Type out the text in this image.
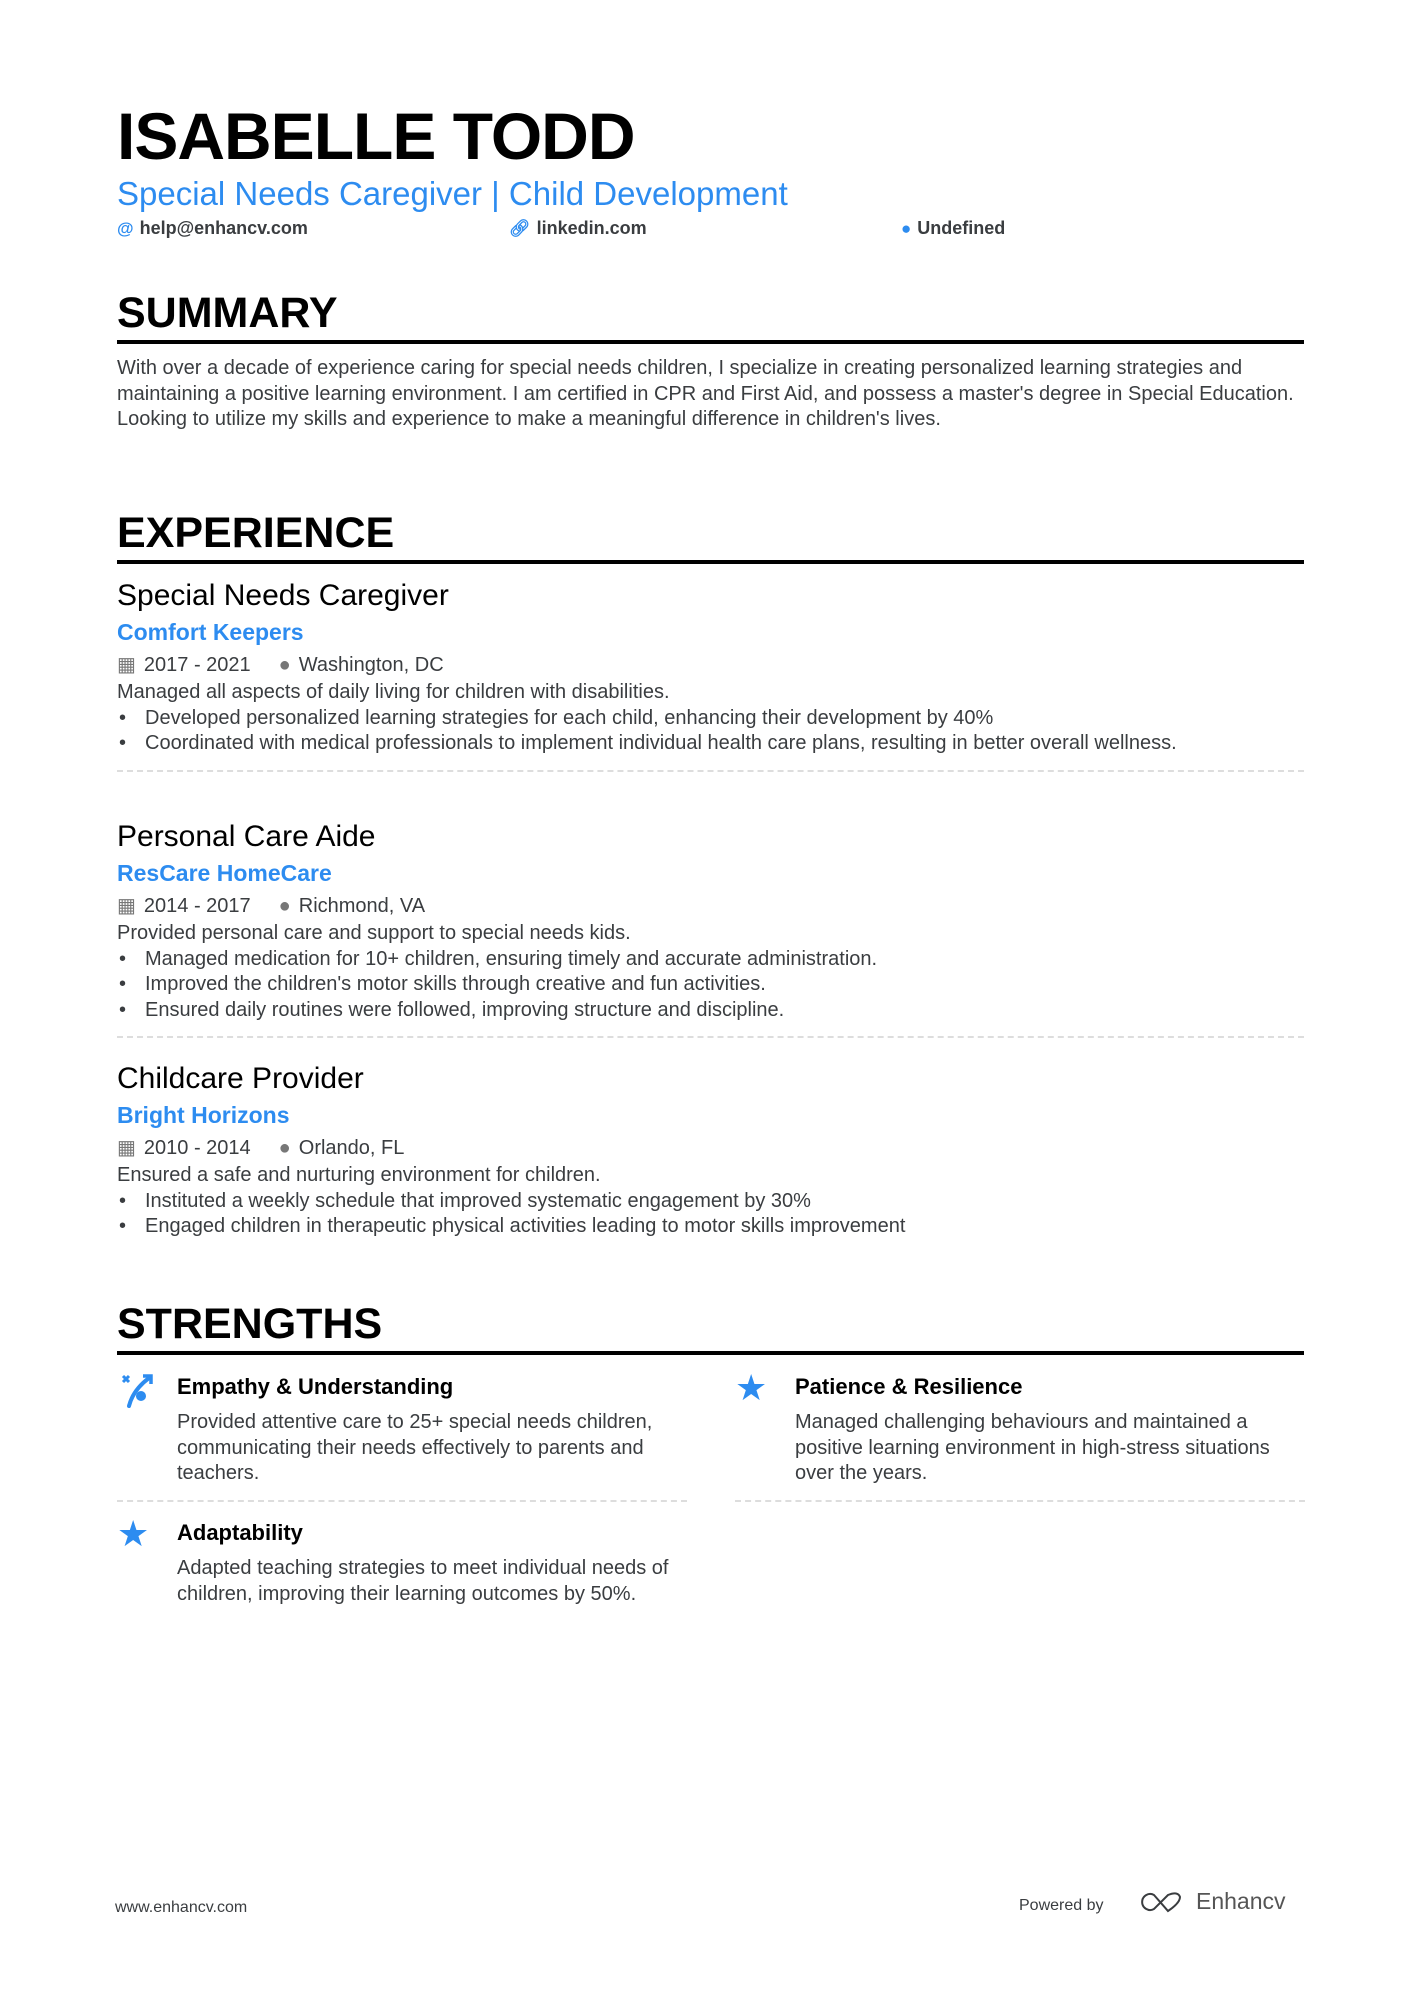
ISABELLE TODD
Special Needs Caregiver | Child Development
@ help@enhancv.com	🔗︎ linkedin.com	● Undefined
SUMMARY
With over a decade of experience caring for special needs children, I specialize in creating personalized learning strategies and maintaining a positive learning environment. I am certified in CPR and First Aid, and possess a master's degree in Special Education. Looking to utilize my skills and experience to make a meaningful difference in children's lives.
EXPERIENCE
Special Needs Caregiver
Comfort Keepers
▦ 2017 - 2021 ● Washington, DC
Managed all aspects of daily living for children with disabilities.
• Developed personalized learning strategies for each child, enhancing their development by 40%
• Coordinated with medical professionals to implement individual health care plans, resulting in better overall wellness.
Personal Care Aide
ResCare HomeCare
▦ 2014 - 2017 ● Richmond, VA
Provided personal care and support to special needs kids.
• Managed medication for 10+ children, ensuring timely and accurate administration.
• Improved the children's motor skills through creative and fun activities.
• Ensured daily routines were followed, improving structure and discipline.
Childcare Provider
Bright Horizons
▦ 2010 - 2014 ● Orlando, FL
Ensured a safe and nurturing environment for children.
• Instituted a weekly schedule that improved systematic engagement by 30%
• Engaged children in therapeutic physical activities leading to motor skills improvement
STRENGTHS
Empathy & Understanding
Provided attentive care to 25+ special needs children, communicating their needs effectively to parents and teachers.
★	Patience & Resilience
Managed challenging behaviours and maintained a positive learning environment in high-stress situations over the years.
★	Adaptability
Adapted teaching strategies to meet individual needs of children, improving their learning outcomes by 50%.
www.enhancv.com	Powered by	Enhancv
